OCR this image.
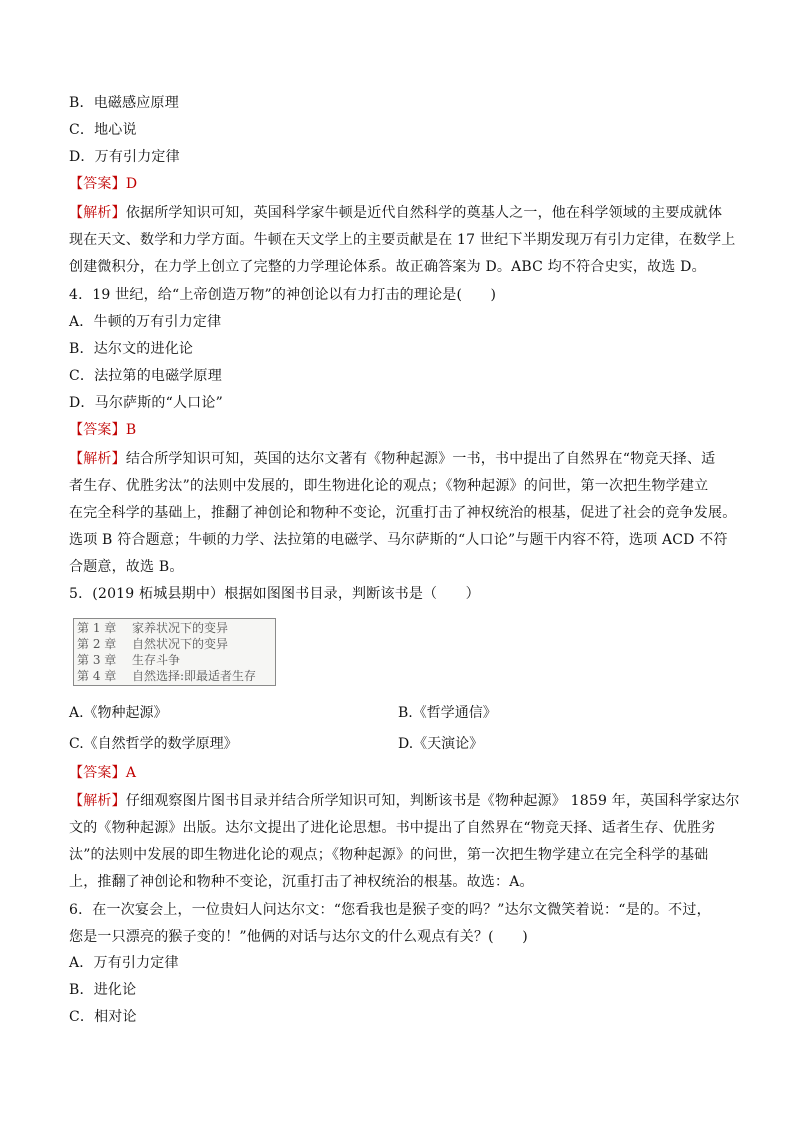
B．电磁感应原理
C．地心说
D．万有引力定律
【答案】D
【解析】依据所学知识可知，英国科学家牛顿是近代自然科学的奠基人之一，他在科学领域的主要成就体
现在天文、数学和力学方面。牛顿在天文学上的主要贡献是在 17 世纪下半期发现万有引力定律，在数学上
创建微积分，在力学上创立了完整的力学理论体系。故正确答案为 D。ABC 均不符合史实，故选 D。
4．19 世纪，给“上帝创造万物”的神创论以有力打击的理论是(　　)
A．牛顿的万有引力定律
B．达尔文的进化论
C．法拉第的电磁学原理
D．马尔萨斯的“人口论”
【答案】B
【解析】结合所学知识可知，英国的达尔文著有《物种起源》一书，书中提出了自然界在“物竞天择、适
者生存、优胜劣汰”的法则中发展的，即生物进化论的观点；《物种起源》的问世，第一次把生物学建立
在完全科学的基础上，推翻了神创论和物种不变论，沉重打击了神权统治的根基，促进了社会的竞争发展。
选项 B 符合题意；牛顿的力学、法拉第的电磁学、马尔萨斯的“人口论”与题干内容不符，选项 ACD 不符
合题意，故选 B。
5．(2019 柘城县期中）根据如图图书目录，判断该书是（　　）
第 1 章 家养状况下的变异
第 2 章 自然状况下的变异
第 3 章 生存斗争
第 4 章 自然选择:即最适者生存
A.《物种起源》	B.《哲学通信》
C.《自然哲学的数学原理》	D.《天演论》
【答案】A
【解析】仔细观察图片图书目录并结合所学知识可知，判断该书是《物种起源》 1859 年，英国科学家达尔
文的《物种起源》出版。达尔文提出了进化论思想。书中提出了自然界在“物竞天择、适者生存、优胜劣
汰”的法则中发展的即生物进化论的观点；《物种起源》的问世，第一次把生物学建立在完全科学的基础
上，推翻了神创论和物种不变论，沉重打击了神权统治的根基。故选：A。
6．在一次宴会上，一位贵妇人问达尔文：“您看我也是猴子变的吗？”达尔文微笑着说：“是的。不过，
您是一只漂亮的猴子变的！”他俩的对话与达尔文的什么观点有关？(　　)
A．万有引力定律
B．进化论
C．相对论
